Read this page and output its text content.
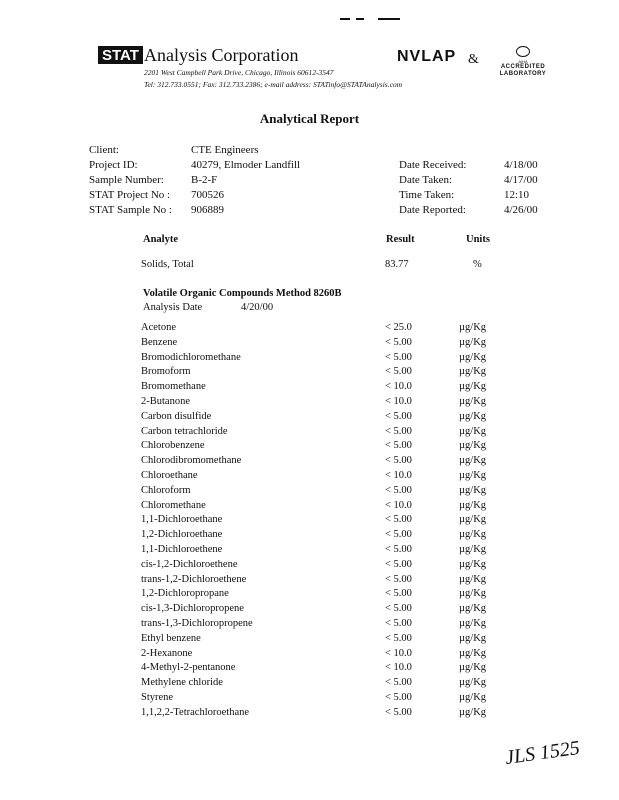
STAT Analysis Corporation
2201 West Campbell Park Drive, Chicago, Illinois 60612-3547
Tel: 312.733.0551; Fax: 312.733.2386; e-mail address: STATinfo@STATAnalysis.com
NVLAP &	AIHA
ACCREDITED
LABORATORY
Analytical Report
Client:	CTE Engineers
Project ID:	40279, Elmoder Landfill
Sample Number: B-2-F
STAT Project No : 700526
STAT Sample No : 906889
Date Received:	4/18/00
Date Taken:	4/17/00
Time Taken:	12:10
Date Reported:	4/26/00
Analyte	Result	Units
Solids, Total	83.77	%
Volatile Organic Compounds Method 8260B
Analysis Date	4/20/00
Acetone	< 25.0	µg/Kg
Benzene	< 5.00	µg/Kg
Bromodichloromethane	< 5.00	µg/Kg
Bromoform	< 5.00	µg/Kg
Bromomethane	< 10.0	µg/Kg
2-Butanone	< 10.0	µg/Kg
Carbon disulfide	< 5.00	µg/Kg
Carbon tetrachloride	< 5.00	µg/Kg
Chlorobenzene	< 5.00	µg/Kg
Chlorodibromomethane	< 5.00	µg/Kg
Chloroethane	< 10.0	µg/Kg
Chloroform	< 5.00	µg/Kg
Chloromethane	< 10.0	µg/Kg
1,1-Dichloroethane	< 5.00	µg/Kg
1,2-Dichloroethane	< 5.00	µg/Kg
1,1-Dichloroethene	< 5.00	µg/Kg
cis-1,2-Dichloroethene	< 5.00	µg/Kg
trans-1,2-Dichloroethene	< 5.00	µg/Kg
1,2-Dichloropropane	< 5.00	µg/Kg
cis-1,3-Dichloropropene	< 5.00	µg/Kg
trans-1,3-Dichloropropene	< 5.00	µg/Kg
Ethyl benzene	< 5.00	µg/Kg
2-Hexanone	< 10.0	µg/Kg
4-Methyl-2-pentanone	< 10.0	µg/Kg
Methylene chloride	< 5.00	µg/Kg
Styrene	< 5.00	µg/Kg
1,1,2,2-Tetrachloroethane	< 5.00	µg/Kg
JLS 1525
